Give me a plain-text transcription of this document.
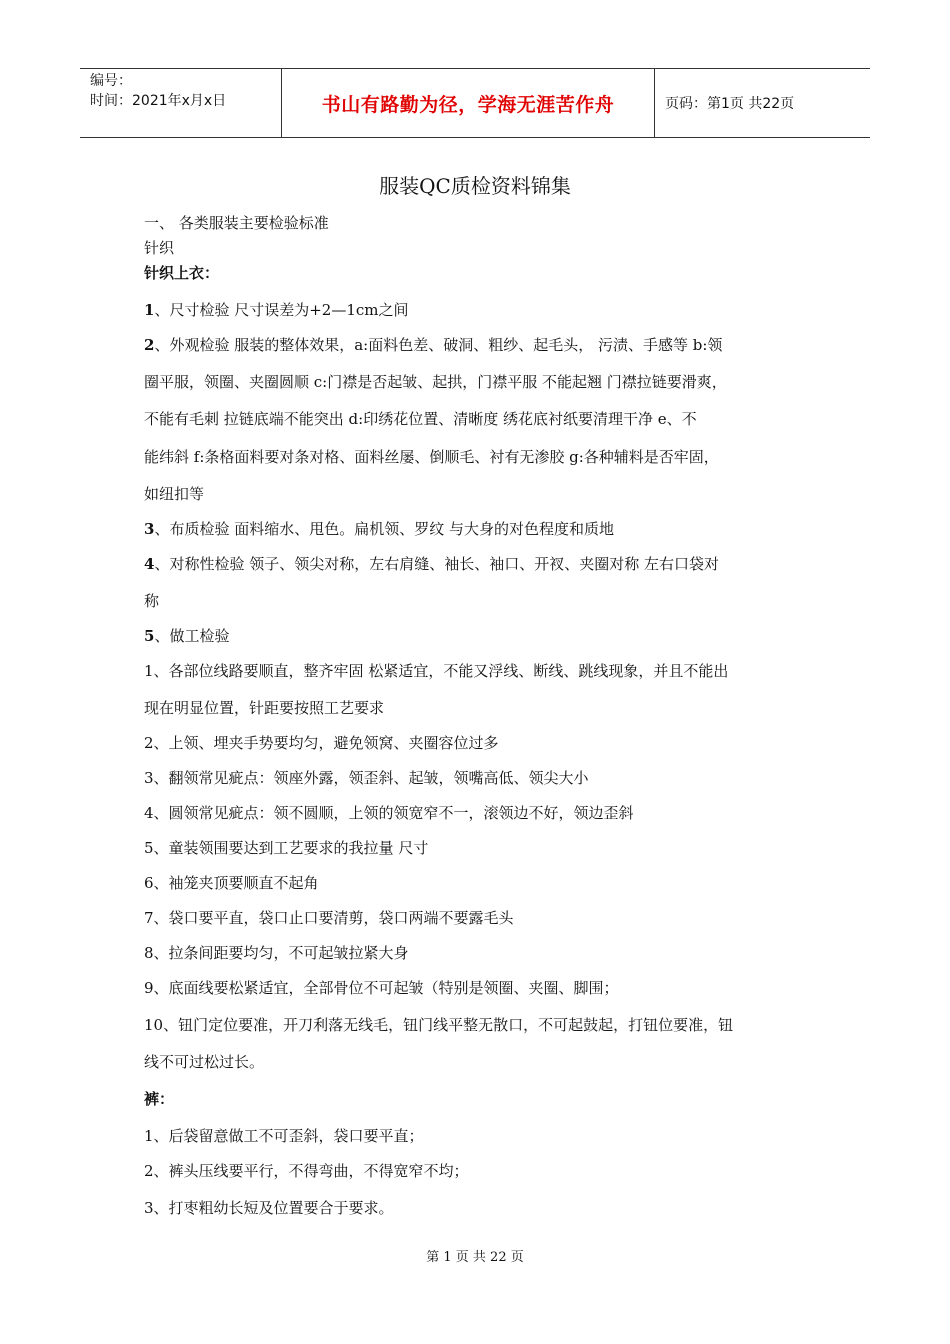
编号：
时间：2021年x月x日	书山有路勤为径，学海无涯苦作舟	页码：第1页 共22页
服装QC质检资料锦集
一、 各类服装主要检验标准
针织
针织上衣：
1、尺寸检验 尺寸误差为+2—1cm之间
2、外观检验 服装的整体效果，a:面料色差、破洞、粗纱、起毛头， 污渍、手感等 b:领
圈平服，领圈、夹圈圆顺 c:门襟是否起皱、起拱，门襟平服 不能起翘 门襟拉链要滑爽，
不能有毛刺 拉链底端不能突出 d:印绣花位置、清晰度 绣花底衬纸要清理干净 e、不
能纬斜 f:条格面料要对条对格、面料丝屡、倒顺毛、衬有无渗胶 g:各种辅料是否牢固，
如纽扣等
3、布质检验 面料缩水、甩色。扁机领、罗纹 与大身的对色程度和质地
4、对称性检验 领子、领尖对称，左右肩缝、袖长、袖口、开衩、夹圈对称 左右口袋对
称
5、做工检验
1、各部位线路要顺直，整齐牢固 松紧适宜，不能又浮线、断线、跳线现象，并且不能出
现在明显位置，针距要按照工艺要求
2、上领、埋夹手势要均匀，避免领窝、夹圈容位过多
3、翻领常见疵点：领座外露，领歪斜、起皱，领嘴高低、领尖大小
4、圆领常见疵点：领不圆顺，上领的领宽窄不一，滚领边不好，领边歪斜
5、童装领围要达到工艺要求的我拉量 尺寸
6、袖笼夹顶要顺直不起角
7、袋口要平直，袋口止口要清剪，袋口两端不要露毛头
8、拉条间距要均匀，不可起皱拉紧大身
9、底面线要松紧适宜，全部骨位不可起皱（特别是领圈、夹圈、脚围；
10、钮门定位要准，开刀利落无线毛，钮门线平整无散口，不可起鼓起，打钮位要准，钮
线不可过松过长。
裤：
1、后袋留意做工不可歪斜，袋口要平直；
2、裤头压线要平行，不得弯曲，不得宽窄不均；
3、打枣粗幼长短及位置要合于要求。
第 1 页 共 22 页
